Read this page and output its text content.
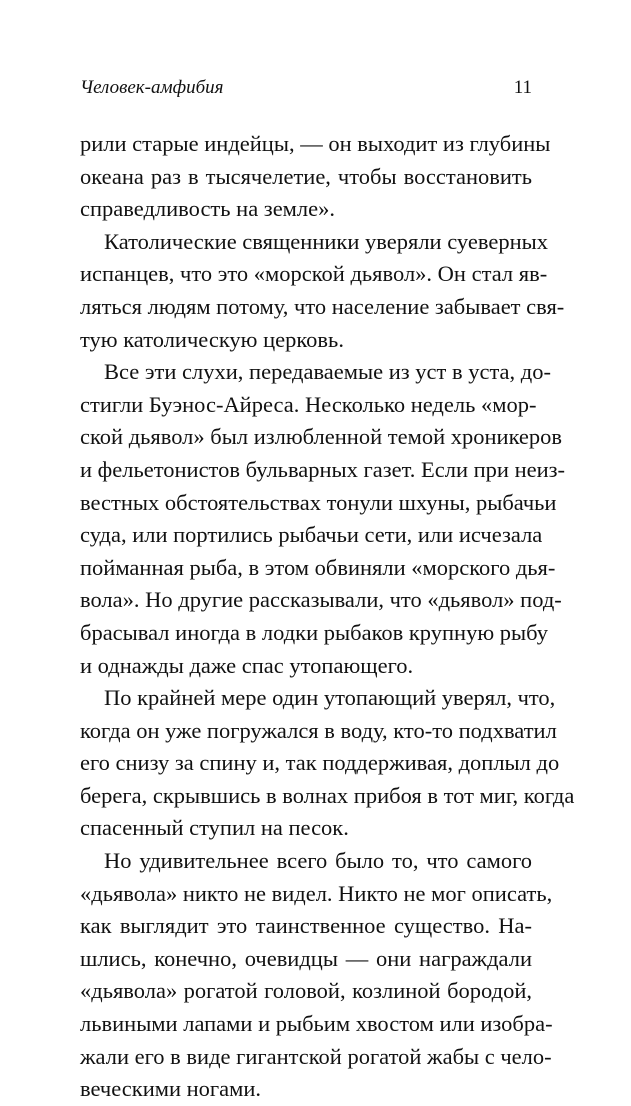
Человек-амфибия	11
рили старые индейцы, — он выходит из глубины
океана раз в тысячелетие, чтобы восстановить
справедливость на земле».
Католические священники уверяли суеверных
испанцев, что это «морской дьявол». Он стал яв-
ляться людям потому, что население забывает свя-
тую католическую церковь.
Все эти слухи, передаваемые из уст в уста, до-
стигли Буэнос-Айреса. Несколько недель «мор-
ской дьявол» был излюбленной темой хроникеров
и фельетонистов бульварных газет. Если при неиз-
вестных обстоятельствах тонули шхуны, рыбачьи
суда, или портились рыбачьи сети, или исчезала
пойманная рыба, в этом обвиняли «морского дья-
вола». Но другие рассказывали, что «дьявол» под-
брасывал иногда в лодки рыбаков крупную рыбу
и однажды даже спас утопающего.
По крайней мере один утопающий уверял, что,
когда он уже погружался в воду, кто-то подхватил
его снизу за спину и, так поддерживая, доплыл до
берега, скрывшись в волнах прибоя в тот миг, когда
спасенный ступил на песок.
Но удивительнее всего было то, что самого
«дьявола» никто не видел. Никто не мог описать,
как выглядит это таинственное существо. На-
шлись, конечно, очевидцы — они награждали
«дьявола» рогатой головой, козлиной бородой,
львиными лапами и рыбьим хвостом или изобра-
жали его в виде гигантской рогатой жабы с чело-
веческими ногами.
